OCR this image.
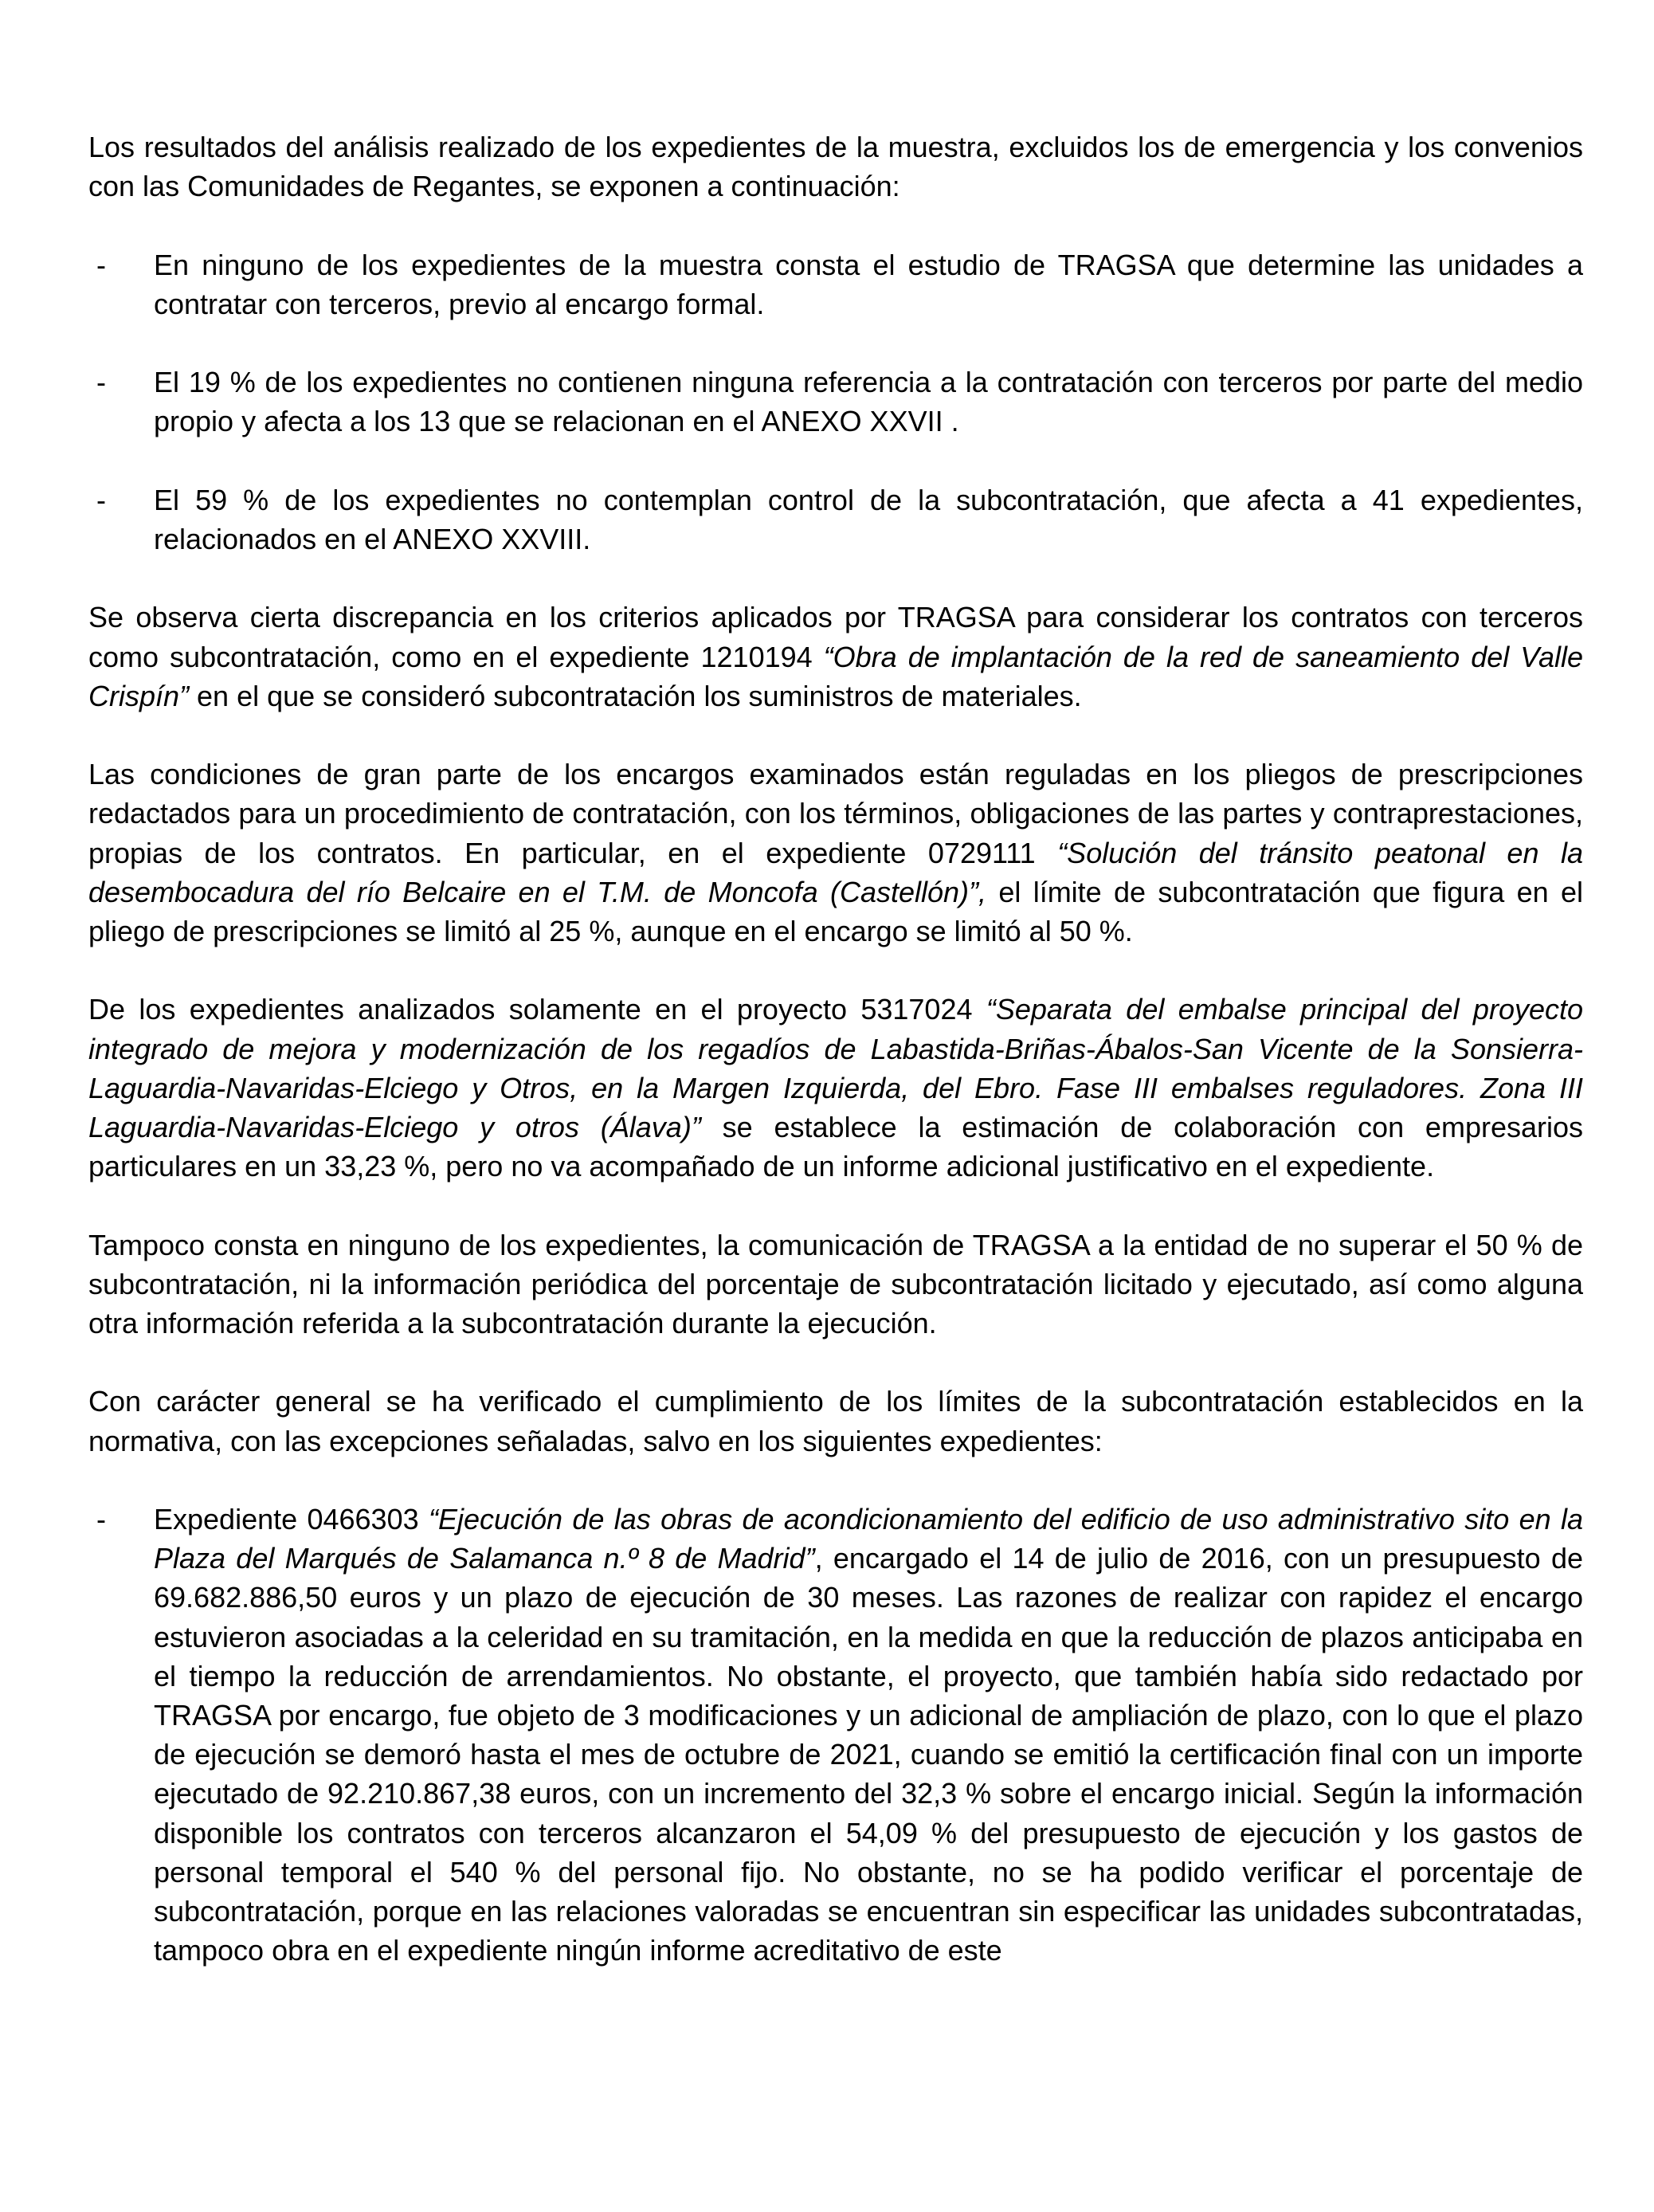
Los resultados del análisis realizado de los expedientes de la muestra, excluidos los de emergencia y los convenios con las Comunidades de Regantes, se exponen a continuación:

- En ninguno de los expedientes de la muestra consta el estudio de TRAGSA que determine las unidades a contratar con terceros, previo al encargo formal.

- El 19 % de los expedientes no contienen ninguna referencia a la contratación con terceros por parte del medio propio y afecta a los 13 que se relacionan en el ANEXO XXVII .

- El 59 % de los expedientes no contemplan control de la subcontratación, que afecta a 41 expedientes, relacionados en el ANEXO XXVIII.

Se observa cierta discrepancia en los criterios aplicados por TRAGSA para considerar los contratos con terceros como subcontratación, como en el expediente 1210194 “Obra de implantación de la red de saneamiento del Valle Crispín” en el que se consideró subcontratación los suministros de materiales.

Las condiciones de gran parte de los encargos examinados están reguladas en los pliegos de prescripciones redactados para un procedimiento de contratación, con los términos, obligaciones de las partes y contraprestaciones, propias de los contratos. En particular, en el expediente 0729111 “Solución del tránsito peatonal en la desembocadura del río Belcaire en el T.M. de Moncofa (Castellón)”, el límite de subcontratación que figura en el pliego de prescripciones se limitó al 25 %, aunque en el encargo se limitó al 50 %.

De los expedientes analizados solamente en el proyecto 5317024 “Separata del embalse principal del proyecto integrado de mejora y modernización de los regadíos de Labastida-Briñas-Ábalos-San Vicente de la Sonsierra-Laguardia-Navaridas-Elciego y Otros, en la Margen Izquierda, del Ebro. Fase III embalses reguladores. Zona III Laguardia-Navaridas-Elciego y otros (Álava)” se establece la estimación de colaboración con empresarios particulares en un 33,23 %, pero no va acompañado de un informe adicional justificativo en el expediente.

Tampoco consta en ninguno de los expedientes, la comunicación de TRAGSA a la entidad de no superar el 50 % de subcontratación, ni la información periódica del porcentaje de subcontratación licitado y ejecutado, así como alguna otra información referida a la subcontratación durante la ejecución.

Con carácter general se ha verificado el cumplimiento de los límites de la subcontratación establecidos en la normativa, con las excepciones señaladas, salvo en los siguientes expedientes:

- Expediente 0466303 “Ejecución de las obras de acondicionamiento del edificio de uso administrativo sito en la Plaza del Marqués de Salamanca n.º 8 de Madrid”, encargado el 14 de julio de 2016, con un presupuesto de 69.682.886,50 euros y un plazo de ejecución de 30 meses. Las razones de realizar con rapidez el encargo estuvieron asociadas a la celeridad en su tramitación, en la medida en que la reducción de plazos anticipaba en el tiempo la reducción de arrendamientos. No obstante, el proyecto, que también había sido redactado por TRAGSA por encargo, fue objeto de 3 modificaciones y un adicional de ampliación de plazo, con lo que el plazo de ejecución se demoró hasta el mes de octubre de 2021, cuando se emitió la certificación final con un importe ejecutado de 92.210.867,38 euros, con un incremento del 32,3 % sobre el encargo inicial. Según la información disponible los contratos con terceros alcanzaron el 54,09 % del presupuesto de ejecución y los gastos de personal temporal el 540 % del personal fijo. No obstante, no se ha podido verificar el porcentaje de subcontratación, porque en las relaciones valoradas se encuentran sin especificar las unidades subcontratadas, tampoco obra en el expediente ningún informe acreditativo de este
